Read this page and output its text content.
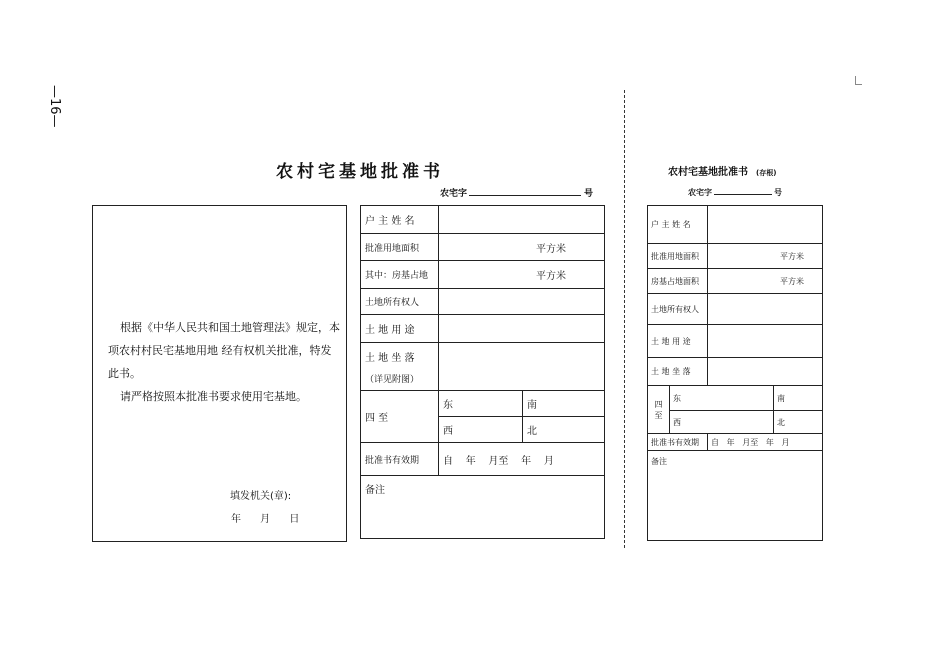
—16—
农村宅基地批准书
农宅字	号

根据《中华人民共和国土地管理法》规定，本项农村村民宅基地用地 经有权机关批准，特发此书。

请严格按照本批准书要求使用宅基地。

填发机关(章):
年 月 日
户 主 姓 名		
批准用地面积	平方米	

其中：房基占地	平方米	

土地所有权人		
土 地 用 途		

土 地 坐 落
（详见附图）		

四 至	东	南
	西	北
批准书有效期	自    年    月至    年    月	
备注		
农村宅基地批准书 (存根)
农宅字	号
户 主 姓 名			
批准用地面积		平方米	

房基占地面积		平方米	

土地所有权人			
土 地 用 途			
土 地 坐 落			

四
至	东		南
	西		北
批准书有效期		自   年   月至   年   月	
备注			
